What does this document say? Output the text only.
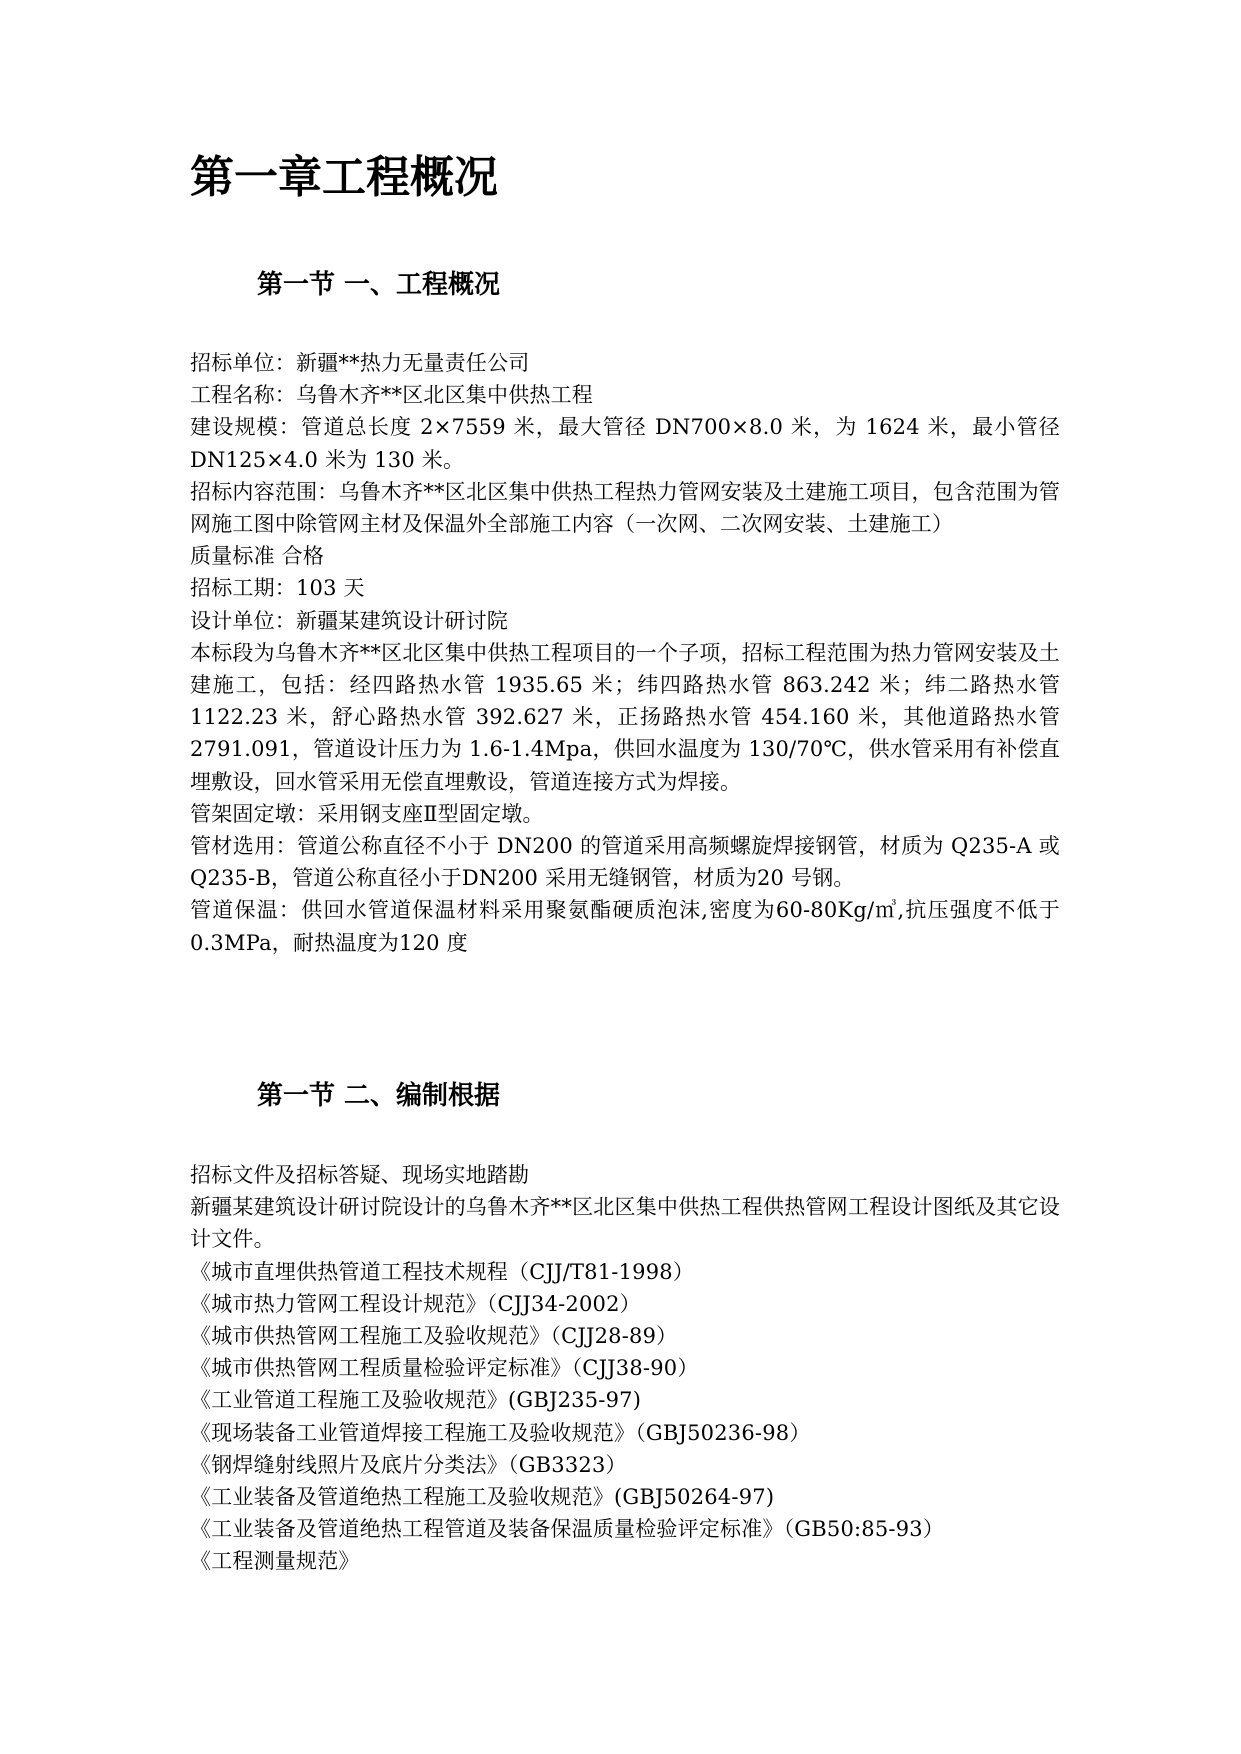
第一章工程概况
第一节 一、工程概况

招标单位：新疆**热力无量责任公司

工程名称：乌鲁木齐**区北区集中供热工程

建设规模：管道总长度 2×7559 米，最大管径 DN700×8.0 米，为 1624 米，最小管径 DN125×4.0 米为 130 米。

招标内容范围：乌鲁木齐**区北区集中供热工程热力管网安装及土建施工项目，包含范围为管网施工图中除管网主材及保温外全部施工内容（一次网、二次网安装、土建施工）

质量标准 合格

招标工期：103 天

设计单位：新疆某建筑设计研讨院

本标段为乌鲁木齐**区北区集中供热工程项目的一个子项，招标工程范围为热力管网安装及土建施工，包括：经四路热水管 1935.65 米；纬四路热水管 863.242 米；纬二路热水管 1122.23 米，舒心路热水管 392.627 米，正扬路热水管 454.160 米，其他道路热水管 2791.091，管道设计压力为 1.6-1.4Mpa，供回水温度为 130/70℃，供水管采用有补偿直埋敷设，回水管采用无偿直埋敷设，管道连接方式为焊接。

管架固定墩：采用钢支座Ⅱ型固定墩。

管材选用：管道公称直径不小于 DN200 的管道采用高频螺旋焊接钢管，材质为 Q235-A 或 Q235-B，管道公称直径小于DN200 采用无缝钢管，材质为20 号钢。

管道保温：供回水管道保温材料采用聚氨酯硬质泡沫,密度为60-80Kg/㎥,抗压强度不低于0.3MPa，耐热温度为120 度

第一节 二、编制根据

招标文件及招标答疑、现场实地踏勘

新疆某建筑设计研讨院设计的乌鲁木齐**区北区集中供热工程供热管网工程设计图纸及其它设计文件。

《城市直埋供热管道工程技术规程（CJJ/T81-1998）

《城市热力管网工程设计规范》（CJJ34-2002）

《城市供热管网工程施工及验收规范》（CJJ28-89）

《城市供热管网工程质量检验评定标准》（CJJ38-90）

《工业管道工程施工及验收规范》(GBJ235-97)

《现场装备工业管道焊接工程施工及验收规范》（GBJ50236-98）

《钢焊缝射线照片及底片分类法》（GB3323）

《工业装备及管道绝热工程施工及验收规范》(GBJ50264-97)

《工业装备及管道绝热工程管道及装备保温质量检验评定标准》（GB50:85-93）

《工程测量规范》
